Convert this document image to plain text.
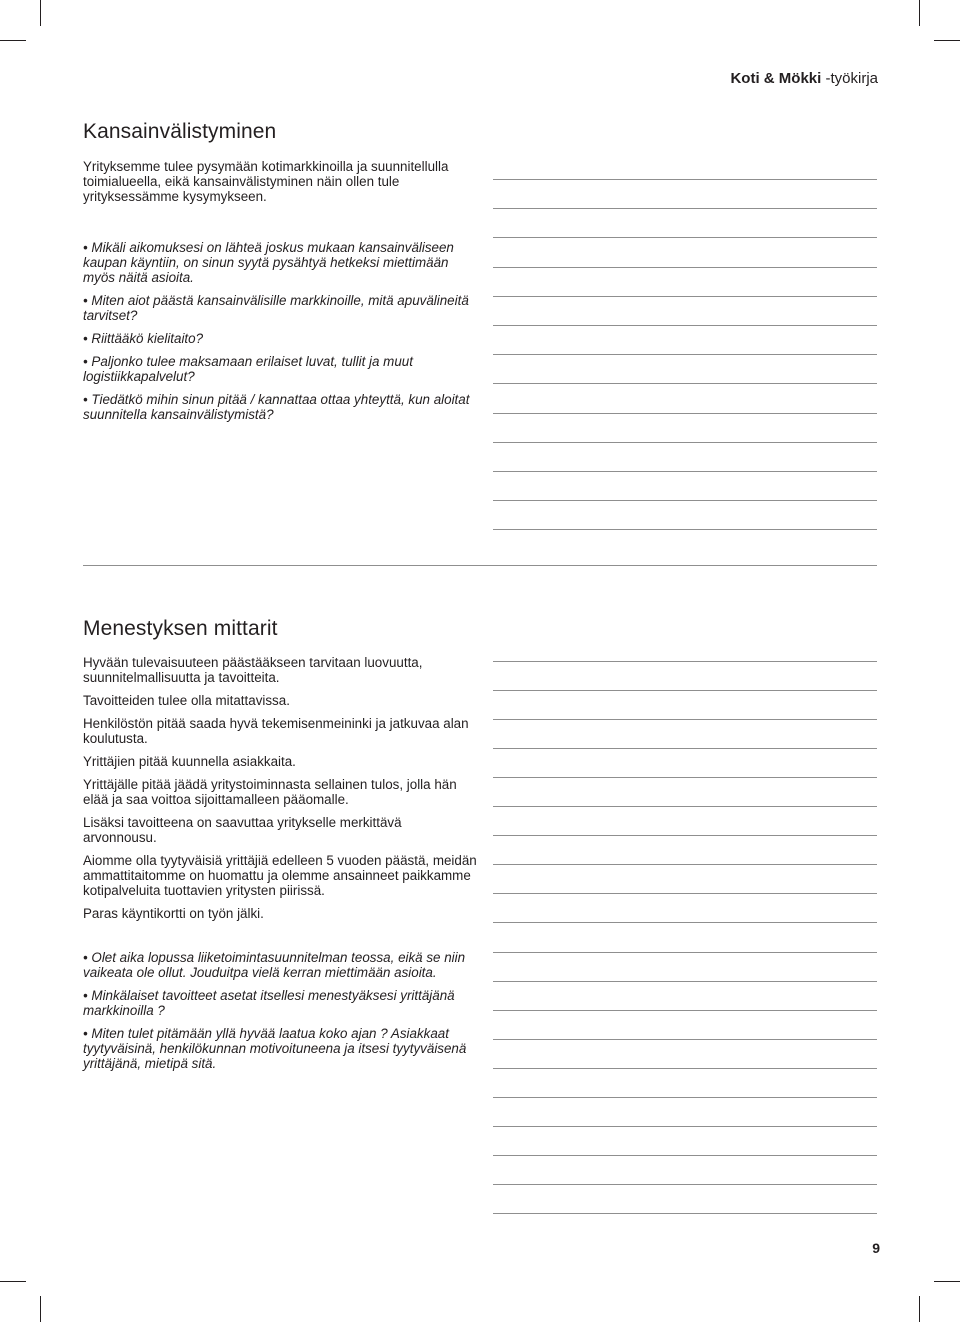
Koti & Mökki -työkirja
Kansainvälistyminen

Yrityksemme tulee pysymään kotimarkkinoilla ja suunnitellulla toimialueella, eikä kansainvälistyminen näin ollen tule yrityksessämme kysymykseen.

• Mikäli aikomuksesi on lähteä joskus mukaan kansainväliseen kaupan käyntiin, on sinun syytä pysähtyä hetkeksi miettimään myös näitä asioita.

• Miten aiot päästä kansainvälisille markkinoille, mitä apuvälineitä tarvitset?

• Riittääkö kielitaito?

• Paljonko tulee maksamaan erilaiset luvat, tullit ja muut logistiikkapalvelut?

• Tiedätkö mihin sinun pitää / kannattaa ottaa yhteyttä, kun aloitat suunnitella kansainvälistymistä?

Menestyksen mittarit

Hyvään tulevaisuuteen päästääkseen tarvitaan luovuutta, suunnitelmallisuutta ja tavoitteita.

Tavoitteiden tulee olla mitattavissa.

Henkilöstön pitää saada hyvä tekemisenmeininki ja jatkuvaa alan koulutusta.

Yrittäjien pitää kuunnella asiakkaita.

Yrittäjälle pitää jäädä yritystoiminnasta sellainen tulos, jolla hän elää ja saa voittoa sijoittamalleen pääomalle.

Lisäksi tavoitteena on saavuttaa yritykselle merkittävä arvonnousu.

Aiomme olla tyytyväisiä yrittäjiä edelleen 5 vuoden päästä, meidän ammattitaitomme on huomattu ja olemme ansainneet paikkamme kotipalveluita tuottavien yritysten piirissä.

Paras käyntikortti on työn jälki.

• Olet aika lopussa liiketoimintasuunnitelman teossa, eikä se niin vaikeata ole ollut. Jouduitpa vielä kerran miettimään asioita.

• Minkälaiset tavoitteet asetat itsellesi menestyäksesi yrittäjänä markkinoilla ?

• Miten tulet pitämään yllä hyvää laatua koko ajan ? Asiakkaat tyytyväisinä, henkilökunnan motivoituneena ja itsesi tyytyväisenä yrittäjänä, mietipä sitä.

9
